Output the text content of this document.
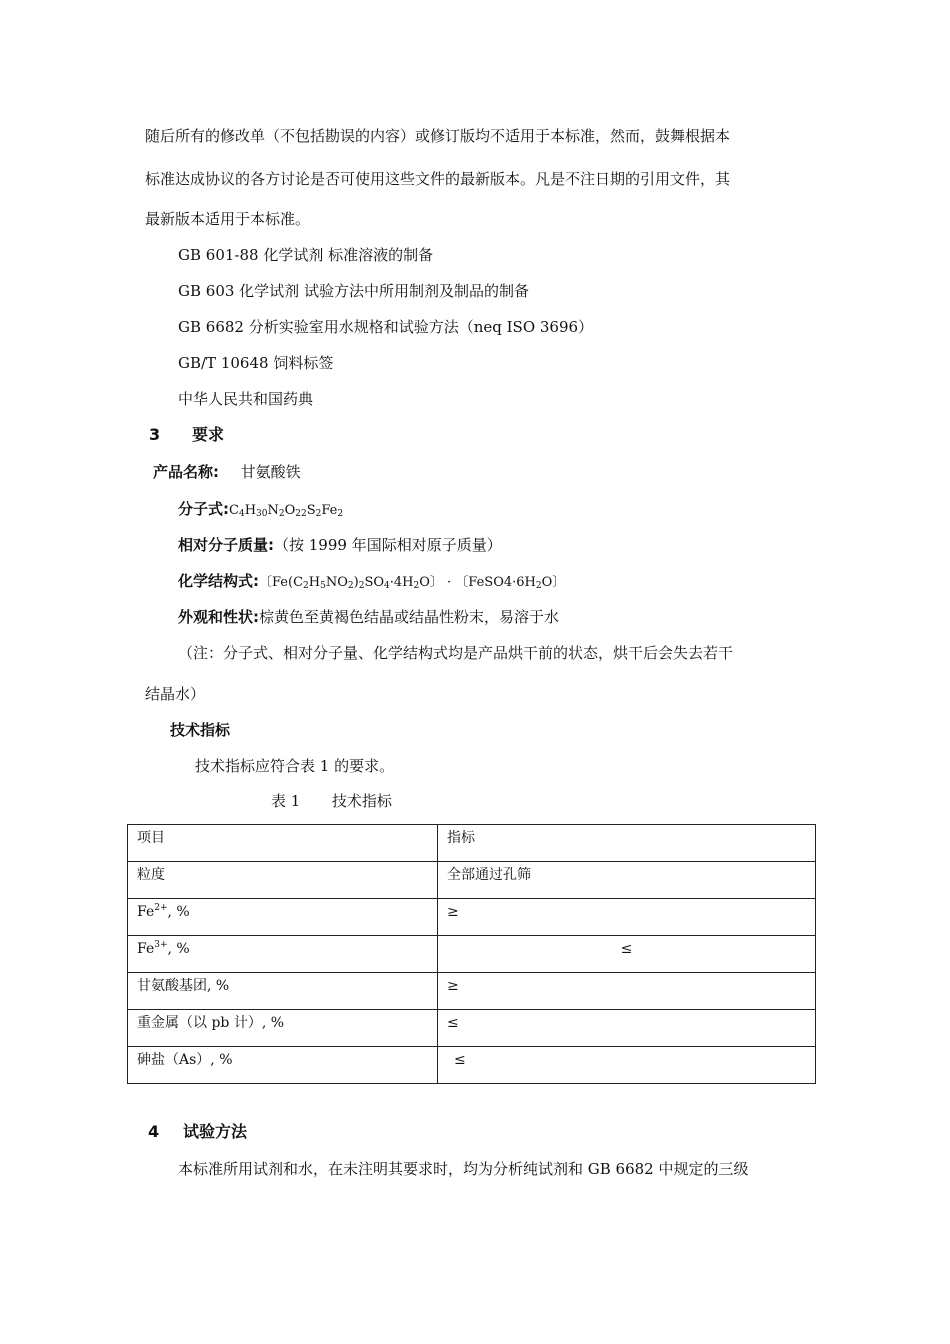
随后所有的修改单（不包括勘误的内容）或修订版均不适用于本标准，然而，鼓舞根据本
标准达成协议的各方讨论是否可使用这些文件的最新版本。凡是不注日期的引用文件，其
最新版本适用于本标准。
GB 601-88 化学试剂 标准溶液的制备
GB 603 化学试剂 试验方法中所用制剂及制品的制备
GB 6682 分析实验室用水规格和试验方法（neq ISO 3696）
GB/T 10648 饲料标签
中华人民共和国药典
3 要求
产品名称: 甘氨酸铁
分子式$:C_4H_{30}N_2O_{22}S_2Fe_2$
相对分子质量:（按 1999 年国际相对原子质量）
化学结构式:〔$Fe(C_2H_5NO_2)_2SO_4\cdot 4H_2O$〕 · 〔$FeSO4\cdot 6H_2O$〕
外观和性状:棕黄色至黄褐色结晶或结晶性粉末，易溶于水
（注：分子式、相对分子量、化学结构式均是产品烘干前的状态，烘干后会失去若干
结晶水）
技术指标
技术指标应符合表 1 的要求。
表 1 技术指标
项目	指标
粒度	全部通过孔筛
$Fe^{2+}$, %	≥
$Fe^{3+}$, %	≤
甘氨酸基团, %	≥
重金属（以 pb 计）, %	≤
砷盐（As）, %	≤
4 试验方法
本标准所用试剂和水，在未注明其要求时，均为分析纯试剂和 GB 6682 中规定的三级
